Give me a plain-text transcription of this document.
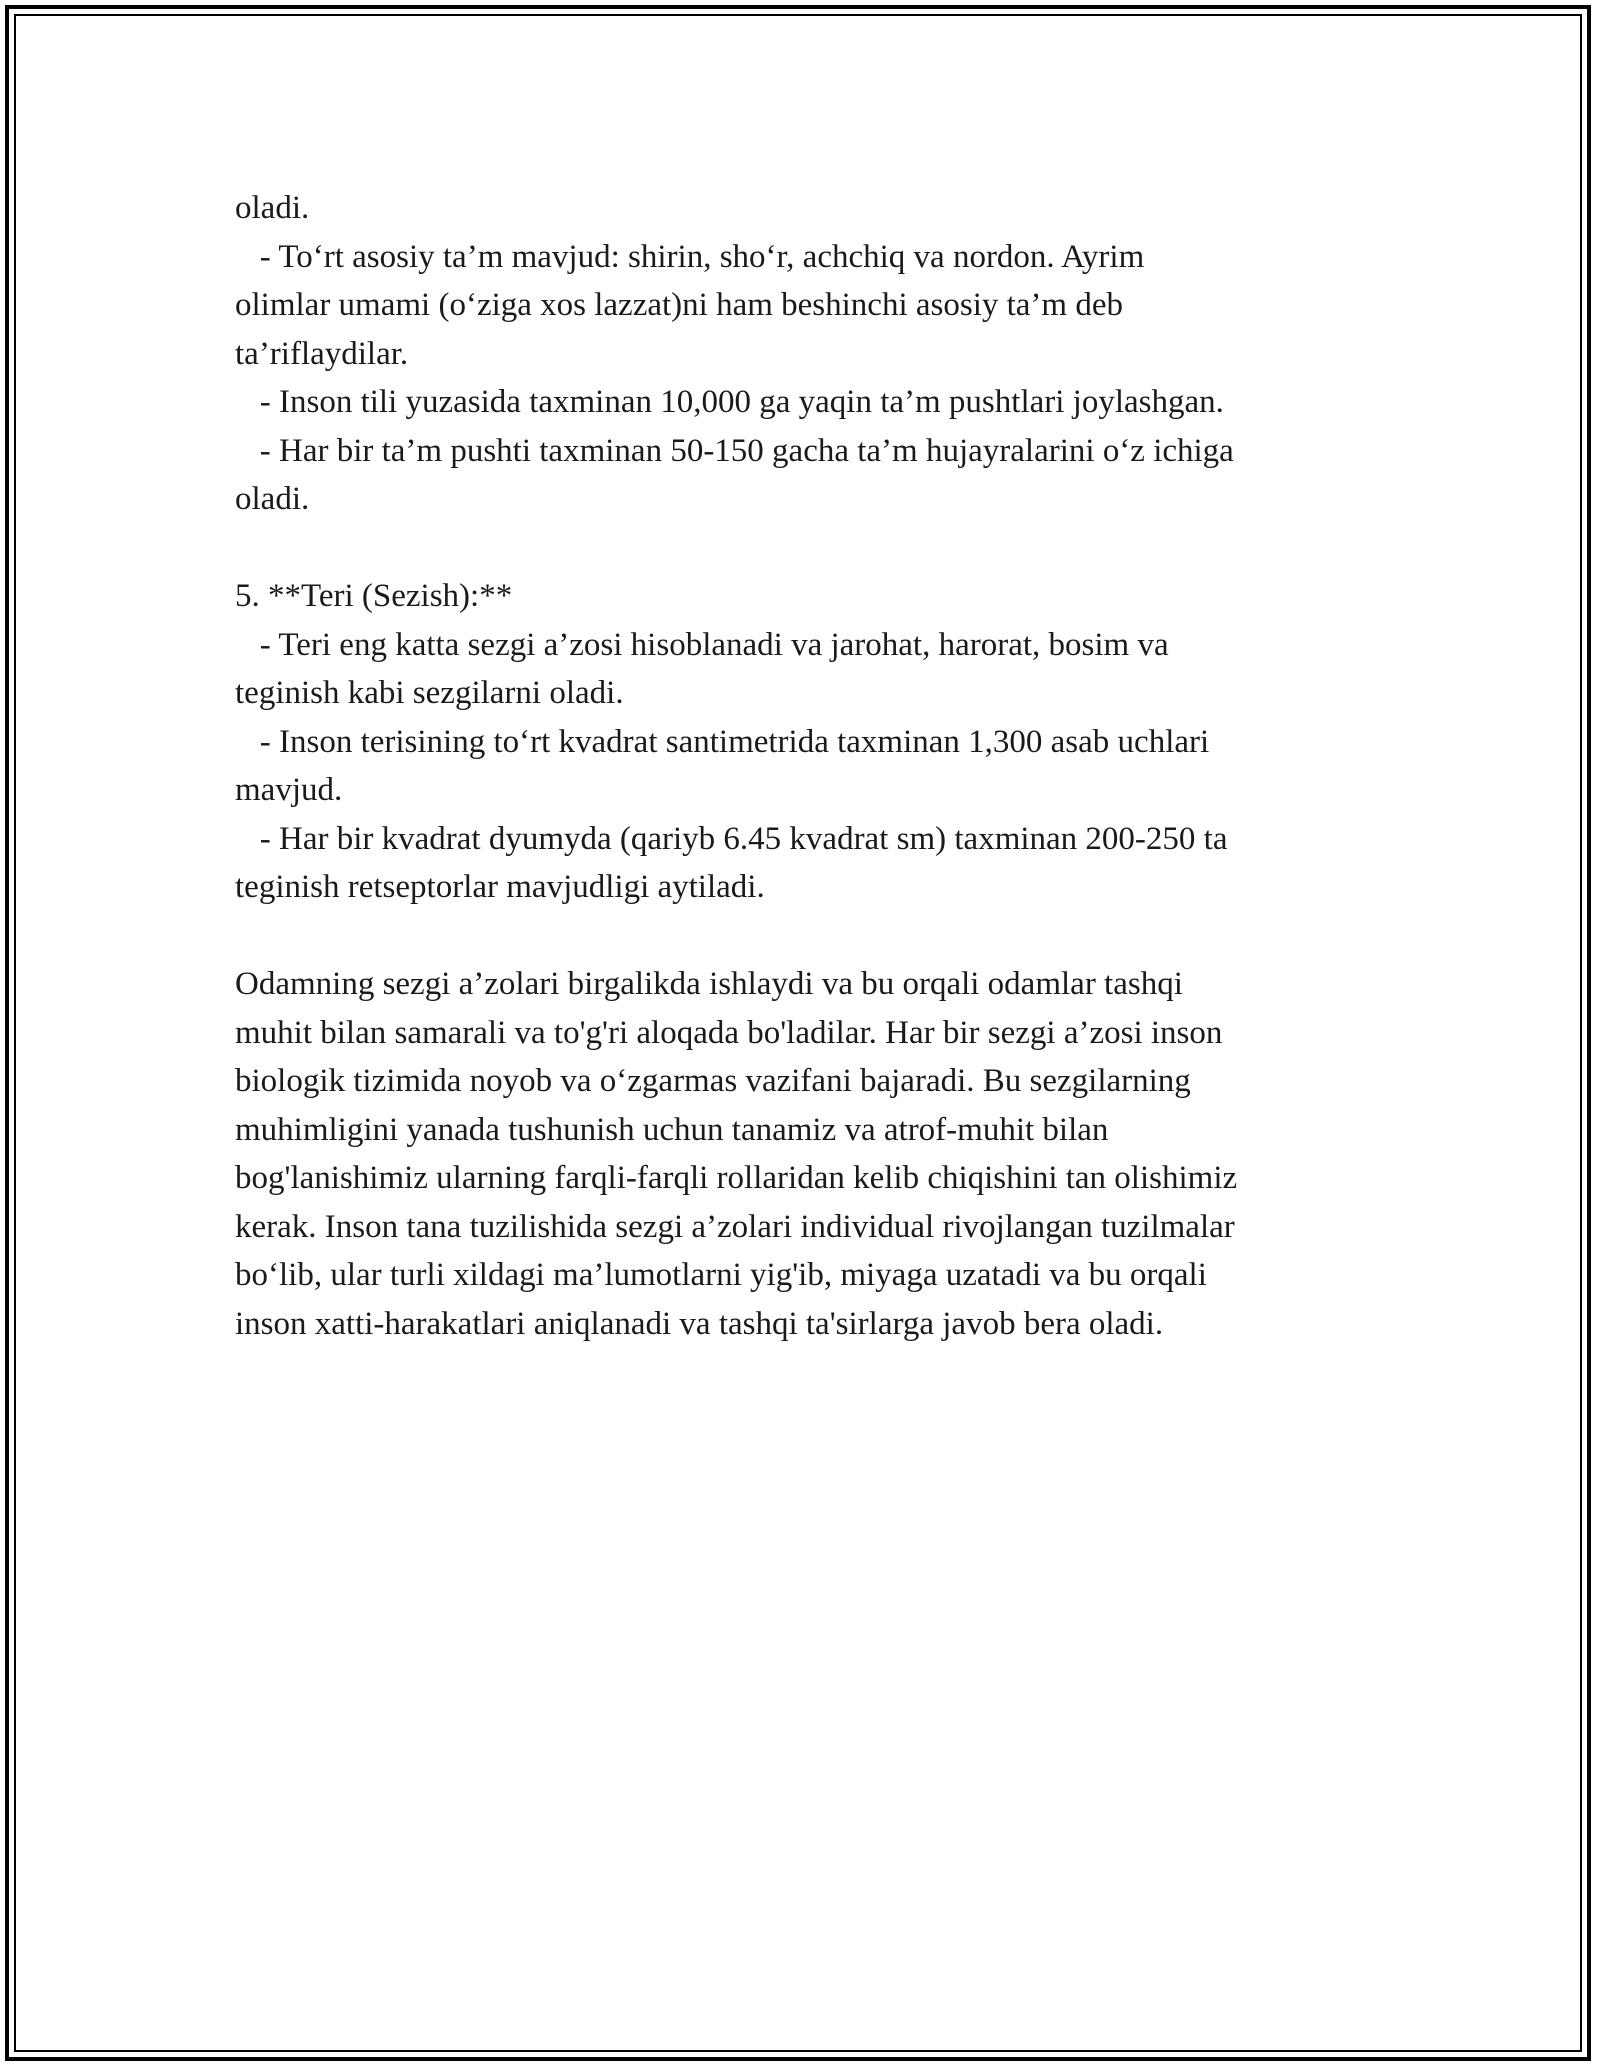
oladi.
- To‘rt asosiy ta’m mavjud: shirin, sho‘r, achchiq va nordon. Ayrim
olimlar umami (o‘ziga xos lazzat)ni ham beshinchi asosiy ta’m deb
ta’riflaydilar.
- Inson tili yuzasida taxminan 10,000 ga yaqin ta’m pushtlari joylashgan.
- Har bir ta’m pushti taxminan 50-150 gacha ta’m hujayralarini o‘z ichiga
oladi.
5. **Teri (Sezish):**
- Teri eng katta sezgi a’zosi hisoblanadi va jarohat, harorat, bosim va
teginish kabi sezgilarni oladi.
- Inson terisining to‘rt kvadrat santimetrida taxminan 1,300 asab uchlari
mavjud.
- Har bir kvadrat dyumyda (qariyb 6.45 kvadrat sm) taxminan 200-250 ta
teginish retseptorlar mavjudligi aytiladi.
Odamning sezgi a’zolari birgalikda ishlaydi va bu orqali odamlar tashqi
muhit bilan samarali va to'g'ri aloqada bo'ladilar. Har bir sezgi a’zosi inson
biologik tizimida noyob va o‘zgarmas vazifani bajaradi. Bu sezgilarning
muhimligini yanada tushunish uchun tanamiz va atrof-muhit bilan
bog'lanishimiz ularning farqli-farqli rollaridan kelib chiqishini tan olishimiz
kerak. Inson tana tuzilishida sezgi a’zolari individual rivojlangan tuzilmalar
bo‘lib, ular turli xildagi ma’lumotlarni yig'ib, miyaga uzatadi va bu orqali
inson xatti-harakatlari aniqlanadi va tashqi ta'sirlarga javob bera oladi.
